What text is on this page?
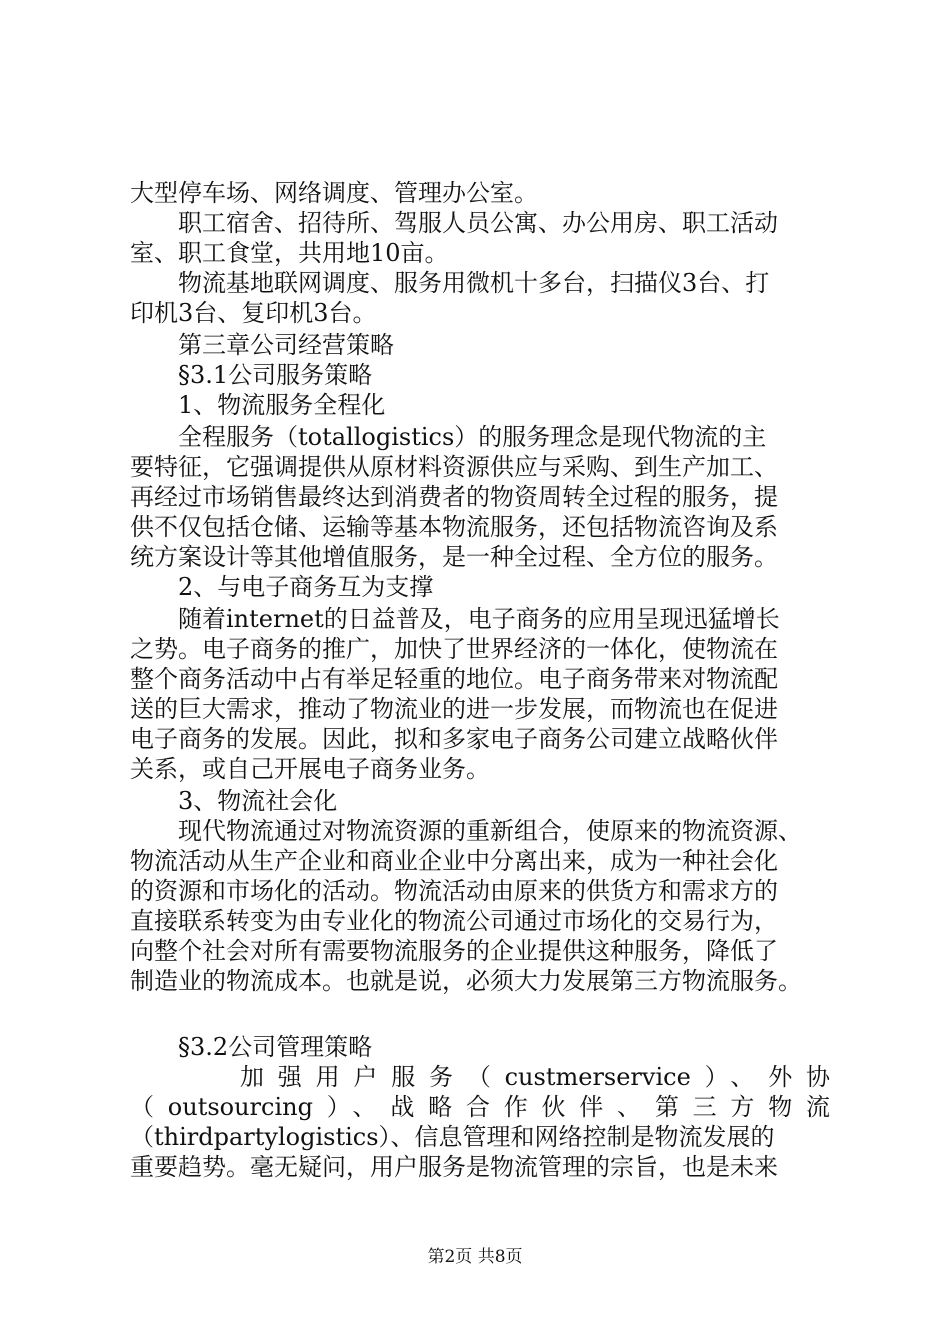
大型停车场、网络调度、管理办公室。
职工宿舍、招待所、驾服人员公寓、办公用房、职工活动
室、职工食堂，共用地10亩。
物流基地联网调度、服务用微机十多台，扫描仪3台、打
印机3台、复印机3台。
第三章公司经营策略
§3.1公司服务策略
1、物流服务全程化
全程服务（totallogistics）的服务理念是现代物流的主
要特征，它强调提供从原材料资源供应与采购、到生产加工、
再经过市场销售最终达到消费者的物资周转全过程的服务，提
供不仅包括仓储、运输等基本物流服务，还包括物流咨询及系
统方案设计等其他增值服务，是一种全过程、全方位的服务。
2、与电子商务互为支撑
随着internet的日益普及，电子商务的应用呈现迅猛增长
之势。电子商务的推广，加快了世界经济的一体化，使物流在
整个商务活动中占有举足轻重的地位。电子商务带来对物流配
送的巨大需求，推动了物流业的进一步发展，而物流也在促进
电子商务的发展。因此，拟和多家电子商务公司建立战略伙伴
关系，或自己开展电子商务业务。
3、物流社会化
现代物流通过对物流资源的重新组合，使原来的物流资源、
物流活动从生产企业和商业企业中分离出来，成为一种社会化
的资源和市场化的活动。物流活动由原来的供货方和需求方的
直接联系转变为由专业化的物流公司通过市场化的交易行为，
向整个社会对所有需要物流服务的企业提供这种服务，降低了
制造业的物流成本。也就是说，必须大力发展第三方物流服务。
§3.2公司管理策略
加强用户服务（custmerservice）、外协
（outsourcing）、战略合作伙伴、第三方物流
（thirdpartylogistics）、信息管理和网络控制是物流发展的
重要趋势。毫无疑问，用户服务是物流管理的宗旨，也是未来
第2页 共8页
